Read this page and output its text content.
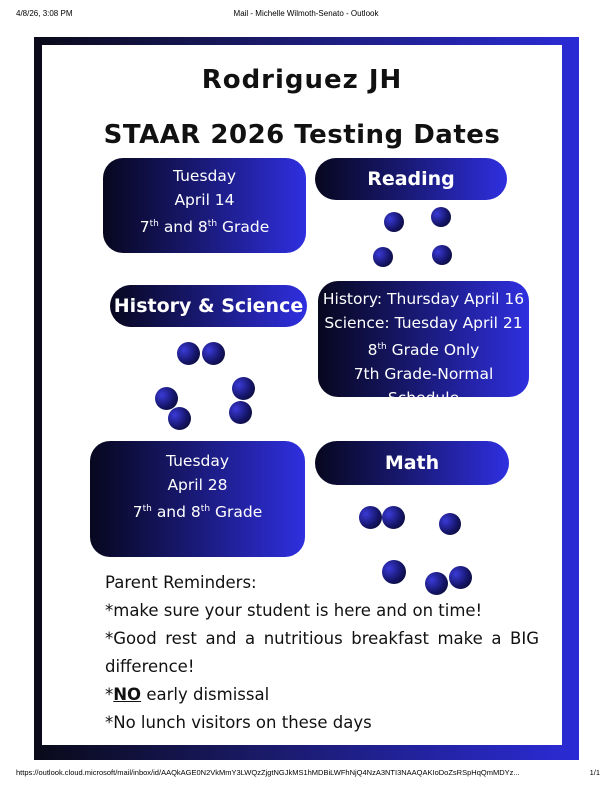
4/8/26, 3:08 PM	Mail - Michelle Wilmoth-Senato - Outlook
Rodriguez JH
STAAR 2026 Testing Dates
Tuesday
April 14
7th and 8th Grade
Reading
History & Science	History: Thursday April 16
Science: Tuesday April 21
8th Grade Only
7th Grade-Normal Schedule
Tuesday
April 28
7th and 8th Grade
Math
Parent Reminders:
*make sure your student is here and on time!
*Good rest and a nutritious breakfast make a BIG
difference!
*NO early dismissal
*No lunch visitors on these days
https://outlook.cloud.microsoft/mail/inbox/id/AAQkAGE0N2VkMmY3LWQzZjgtNGJkMS1hMDBiLWFhNjQ4NzA3NTI3NAAQAKIoDoZsRSpHqQmMDYz...	1/1
